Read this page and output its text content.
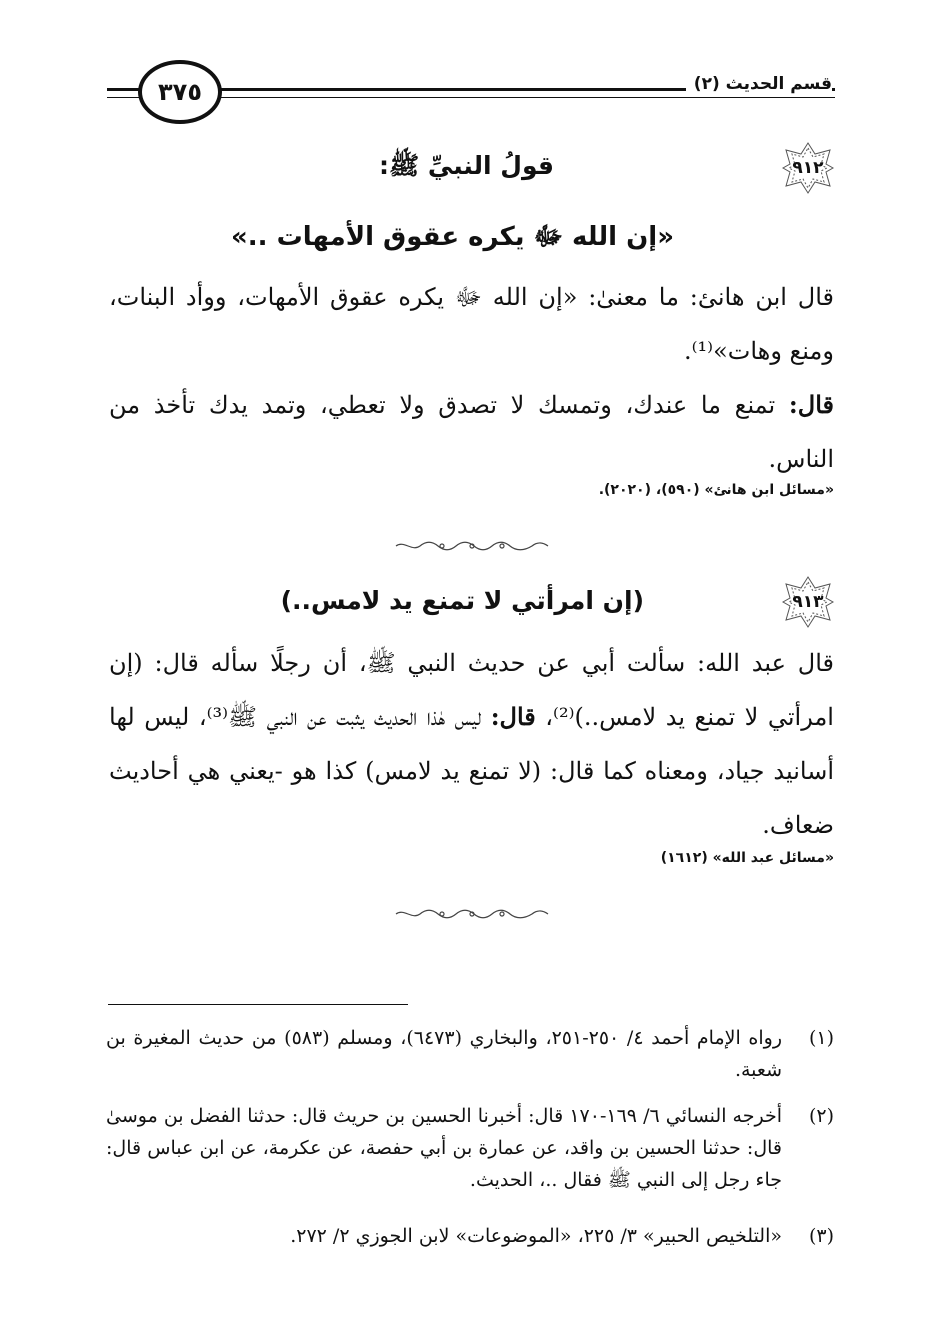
قسم الحديث (٢)
٣٧٥
٩١٢
قولُ النبيِّ ﷺ:
«إن الله ﷻ يكره عقوق الأمهات ..»
قال ابن هانئ: ما معنىٰ: «إن الله ﷻ يكره عقوق الأمهات، ووأد البنات، ومنع وهات»⁽¹⁾.
قال: تمنع ما عندك، وتمسك لا تصدق ولا تعطي، وتمد يدك تأخذ من الناس.
«مسائل ابن هانئ» (٥٩٠)، (٢٠٢٠).
٩١٣
(إن امرأتي لا تمنع يد لامس..)
قال عبد الله: سألت أبي عن حديث النبي ﷺ، أن رجلًا سأله قال: (إن امرأتي لا تمنع يد لامس..)⁽²⁾، قال: ليس هٰذا الحديث يثبت عن النبي ﷺ⁽³⁾، ليس لها أسانيد جياد، ومعناه كما قال: (لا تمنع يد لامس) كذا هو -يعني هي أحاديث ضعاف.
«مسائل عبد الله» (١٦١٢)
(١)
رواه الإمام أحمد ٤/ ٢٥٠-٢٥١، والبخاري (٦٤٧٣)، ومسلم (٥٨٣) من حديث المغيرة بن شعبة.
(٢)
أخرجه النسائي ٦/ ١٦٩-١٧٠ قال: أخبرنا الحسين بن حريث قال: حدثنا الفضل بن موسىٰ قال: حدثنا الحسين بن واقد، عن عمارة بن أبي حفصة، عن عكرمة، عن ابن عباس قال: جاء رجل إلى النبي ﷺ فقال ..، الحديث.
(٣)
«التلخيص الحبير» ٣/ ٢٢٥، «الموضوعات» لابن الجوزي ٢/ ٢٧٢.
